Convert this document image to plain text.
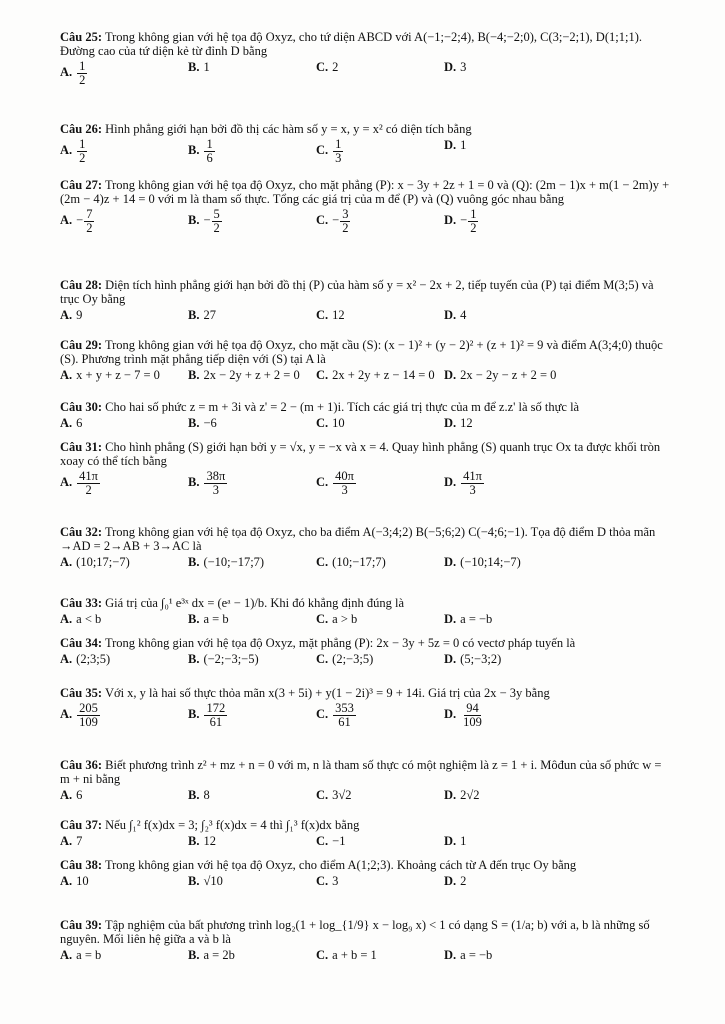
Câu 25: Trong không gian với hệ tọa độ Oxyz, cho tứ diện ABCD với A(−1;−2;4), B(−4;−2;0), C(3;−2;1), D(1;1;1). Đường cao của tứ diện kẻ từ đỉnh D bằng
A. $\frac{1}{2}$	B. 1	C. 2	D. 3
Câu 26: Hình phẳng giới hạn bởi đồ thị các hàm số y = x, y = x² có diện tích bằng
A. $\frac{1}{2}$	B. $\frac{1}{6}$	C. $\frac{1}{3}$	D. 1
Câu 27: Trong không gian với hệ tọa độ Oxyz, cho mặt phẳng (P): x − 3y + 2z + 1 = 0 và (Q): (2m − 1)x + m(1 − 2m)y + (2m − 4)z + 14 = 0 với m là tham số thực. Tổng các giá trị của m để (P) và (Q) vuông góc nhau bằng
A. − $\frac{7}{2}$	B. − $\frac{5}{2}$	C. − $\frac{3}{2}$	D. − $\frac{1}{2}$
Câu 28: Diện tích hình phẳng giới hạn bởi đồ thị (P) của hàm số y = x² − 2x + 2, tiếp tuyến của (P) tại điểm M(3;5) và trục Oy bằng
A. 9	B. 27	C. 12	D. 4
Câu 29: Trong không gian với hệ tọa độ Oxyz, cho mặt cầu (S): (x − 1)² + (y − 2)² + (z + 1)² = 9 và điểm A(3;4;0) thuộc (S). Phương trình mặt phẳng tiếp diện với (S) tại A là
A. x + y + z − 7 = 0	B. 2x − 2y + z + 2 = 0	C. 2x + 2y + z − 14 = 0 D. 2x − 2y − z + 2 = 0
Câu 30: Cho hai số phức z = m + 3i và z' = 2 − (m + 1)i. Tích các giá trị thực của m để z.z' là số thực là
A. 6	B. −6	C. 10	D. 12
Câu 31: Cho hình phẳng (S) giới hạn bởi y = √x, y = −x và x = 4. Quay hình phẳng (S) quanh trục Ox ta được khối tròn xoay có thể tích bằng
A. $\frac{41\pi}{2}$	B. $\frac{38\pi}{3}$	C. $\frac{40\pi}{3}$	D. $\frac{41\pi}{3}$
Câu 32: Trong không gian với hệ tọa độ Oxyz, cho ba điểm A(−3;4;2) B(−5;6;2) C(−4;6;−1). Tọa độ điểm D thỏa mãn →AD = 2→AB + 3→AC là
A. (10;17;−7)	B. (−10;−17;7)	C. (10;−17;7)	D. (−10;14;−7)
Câu 33: Giá trị của ∫₀¹ e³ˣ dx = (eᵃ − 1)/b. Khi đó khẳng định đúng là
A. a < b	B. a = b	C. a > b	D. a = −b
Câu 34: Trong không gian với hệ tọa độ Oxyz, mặt phẳng (P): 2x − 3y + 5z = 0 có vectơ pháp tuyến là
A. (2;3;5)	B. (−2;−3;−5)	C. (2;−3;5)	D. (5;−3;2)
Câu 35: Với x, y là hai số thực thỏa mãn x(3 + 5i) + y(1 − 2i)³ = 9 + 14i. Giá trị của 2x − 3y bằng
A. $\frac{205}{109}$	B. $\frac{172}{61}$	C. $\frac{353}{61}$	D. $\frac{94}{109}$
Câu 36: Biết phương trình z² + mz + n = 0 với m, n là tham số thực có một nghiệm là z = 1 + i. Môđun của số phức w = m + ni bằng
A. 6	B. 8	C. 3√2	D. 2√2
Câu 37: Nếu ∫₁² f(x)dx = 3; ∫₂³ f(x)dx = 4 thì ∫₁³ f(x)dx bằng
A. 7	B. 12	C. −1	D. 1
Câu 38: Trong không gian với hệ tọa độ Oxyz, cho điểm A(1;2;3). Khoảng cách từ A đến trục Oy bằng
A. 10	B. √10	C. 3	D. 2
Câu 39: Tập nghiệm của bất phương trình log₂(1 + log_{1/9} x − log₉ x) < 1 có dạng S = (1/a; b) với a, b là những số nguyên. Mối liên hệ giữa a và b là
A. a = b	B. a = 2b	C. a + b = 1	D. a = −b
